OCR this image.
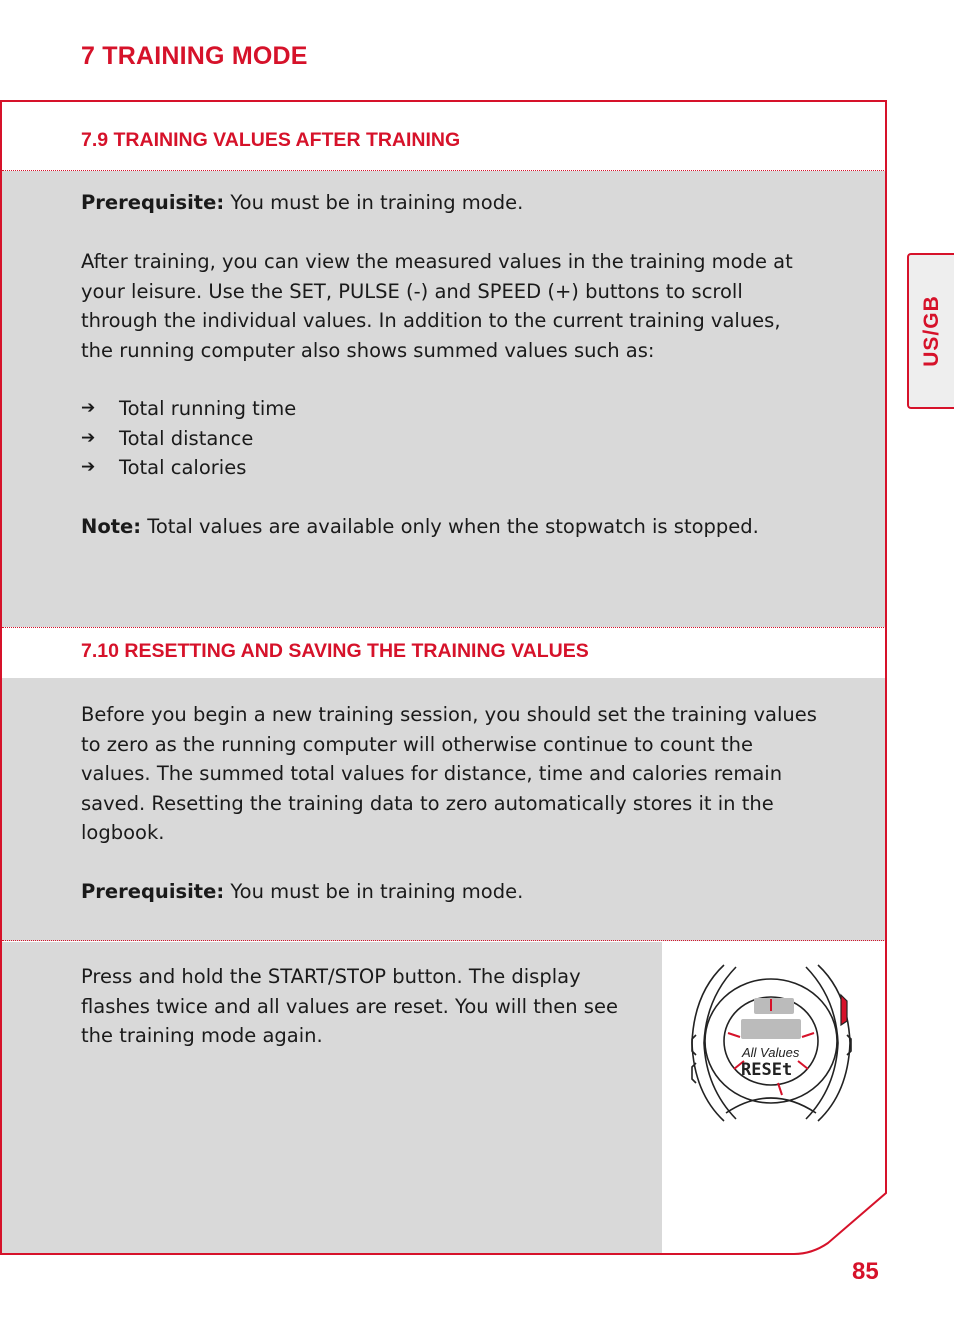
7 TRAINING MODE
US/GB
7.9 TRAINING VALUES AFTER TRAINING

Prerequisite: You must be in training mode.

After training, you can view the measured values in the training mode at your leisure. Use the SET, PULSE (-) and SPEED (+) buttons to scroll through the individual values. In addition to the current training values, the running computer also shows summed values such as:

➔ Total running time
➔ Total distance
➔ Total calories

Note: Total values are available only when the stopwatch is stopped.

7.10 RESETTING AND SAVING THE TRAINING VALUES

Before you begin a new training session, you should set the training values to zero as the running computer will otherwise continue to count the values. The summed total values for distance, time and calories remain saved. Resetting the training data to zero automatically stores it in the logbook.

Prerequisite: You must be in training mode.

Press and hold the START/STOP button. The display flashes twice and all values are reset. You will then see the training mode again.

All Values
RESEt
85
